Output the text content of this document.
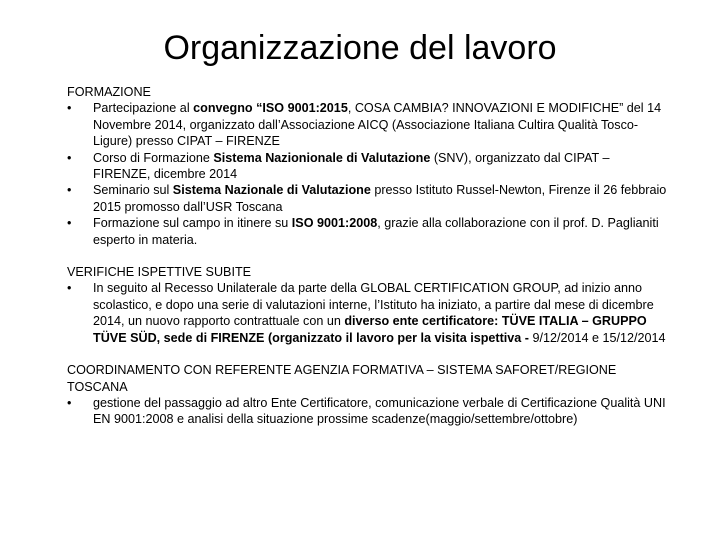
Organizzazione del lavoro

FORMAZIONE

•	Partecipazione al convegno “ISO 9001:2015, COSA CAMBIA? INNOVAZIONI E MODIFICHE” del 14 Novembre 2014, organizzato dall’Associazione AICQ (Associazione Italiana Cultira Qualità Tosco-Ligure) presso CIPAT – FIRENZE
•	Corso di Formazione Sistema Nazionionale di Valutazione (SNV), organizzato dal CIPAT – FIRENZE, dicembre 2014
•	Seminario sul Sistema Nazionale di Valutazione presso Istituto Russel-Newton, Firenze il 26 febbraio 2015 promosso dall’USR Toscana
•	Formazione sul campo in itinere su ISO 9001:2008, grazie alla collaborazione con il prof. D. Paglianiti esperto in materia.

VERIFICHE ISPETTIVE SUBITE

•	In seguito al Recesso Unilaterale da parte della GLOBAL CERTIFICATION GROUP, ad inizio anno scolastico, e dopo una serie di valutazioni interne, l’Istituto ha iniziato, a partire dal mese di dicembre 2014, un nuovo rapporto contrattuale con un diverso ente certificatore: TÜVE ITALIA – GRUPPO TÜVE SÜD, sede di FIRENZE (organizzato il lavoro per la visita ispettiva - 9/12/2014 e 15/12/2014

COORDINAMENTO CON REFERENTE AGENZIA FORMATIVA – SISTEMA SAFORET/REGIONE TOSCANA

•	gestione del passaggio ad altro Ente Certificatore, comunicazione verbale di Certificazione Qualità UNI EN 9001:2008 e analisi della situazione prossime scadenze(maggio/settembre/ottobre)
